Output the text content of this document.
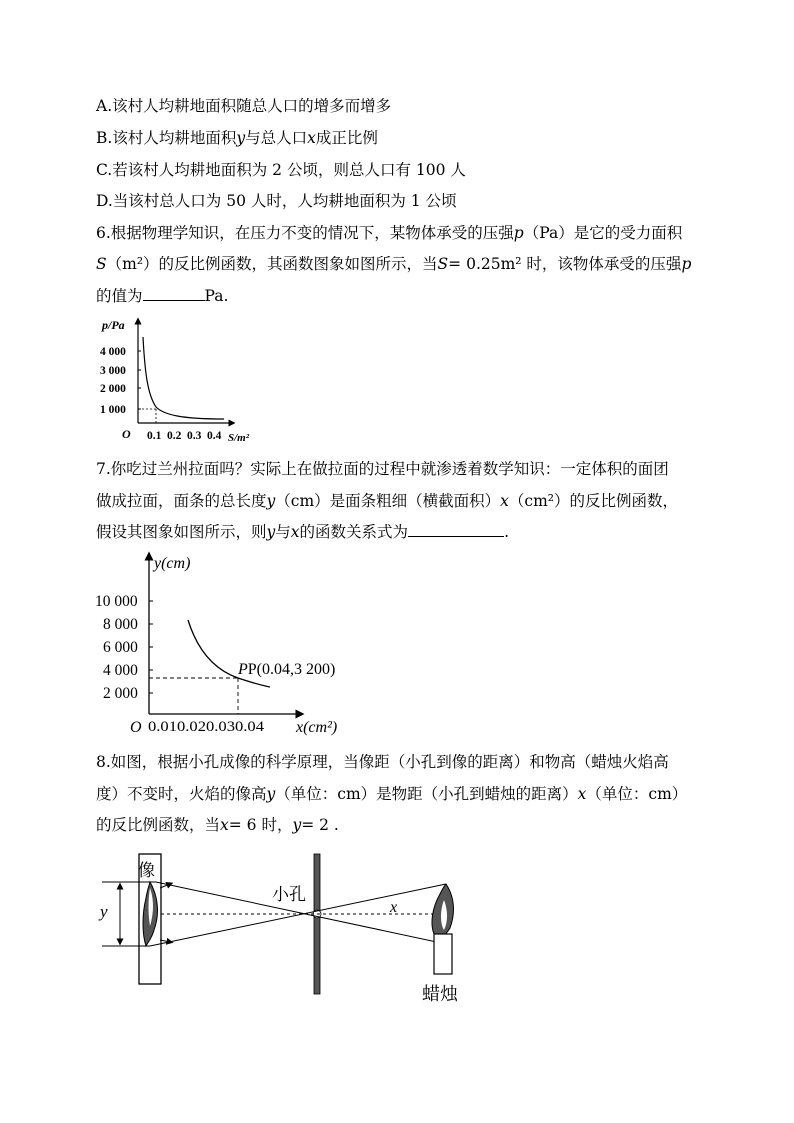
A.该村人均耕地面积随总人口的增多而增多
B.该村人均耕地面积y与总人口x成正比例
C.若该村人均耕地面积为 2 公顷，则总人口有 100 人
D.当该村总人口为 50 人时，人均耕地面积为 1 公顷
6.根据物理学知识，在压力不变的情况下，某物体承受的压强p（Pa）是它的受力面积
S（m²）的反比例函数，其函数图象如图所示，当S= 0.25m² 时，该物体承受的压强p
的值为	Pa.
p/Pa
S/m²
O
4 000
3 000
2 000
1 000
0.1 0.2 0.3 0.4
7.你吃过兰州拉面吗？实际上在做拉面的过程中就渗透着数学知识：一定体积的面团
做成拉面，面条的总长度y（cm）是面条粗细（横截面积）x（cm²）的反比例函数，
假设其图象如图所示，则y与x的函数关系式为	.
y(cm)
x(cm²)
O
10 000
8 000
6 000
4 000
2 000
0.010.020.030.04
PP(0.04,3 200)
8.如图，根据小孔成像的科学原理，当像距（小孔到像的距离）和物高（蜡烛火焰高
度）不变时，火焰的像高y（单位：cm）是物距（小孔到蜡烛的距离）x（单位：cm）
的反比例函数，当x= 6 时，y= 2 .
像
y
小孔
x
蜡烛
